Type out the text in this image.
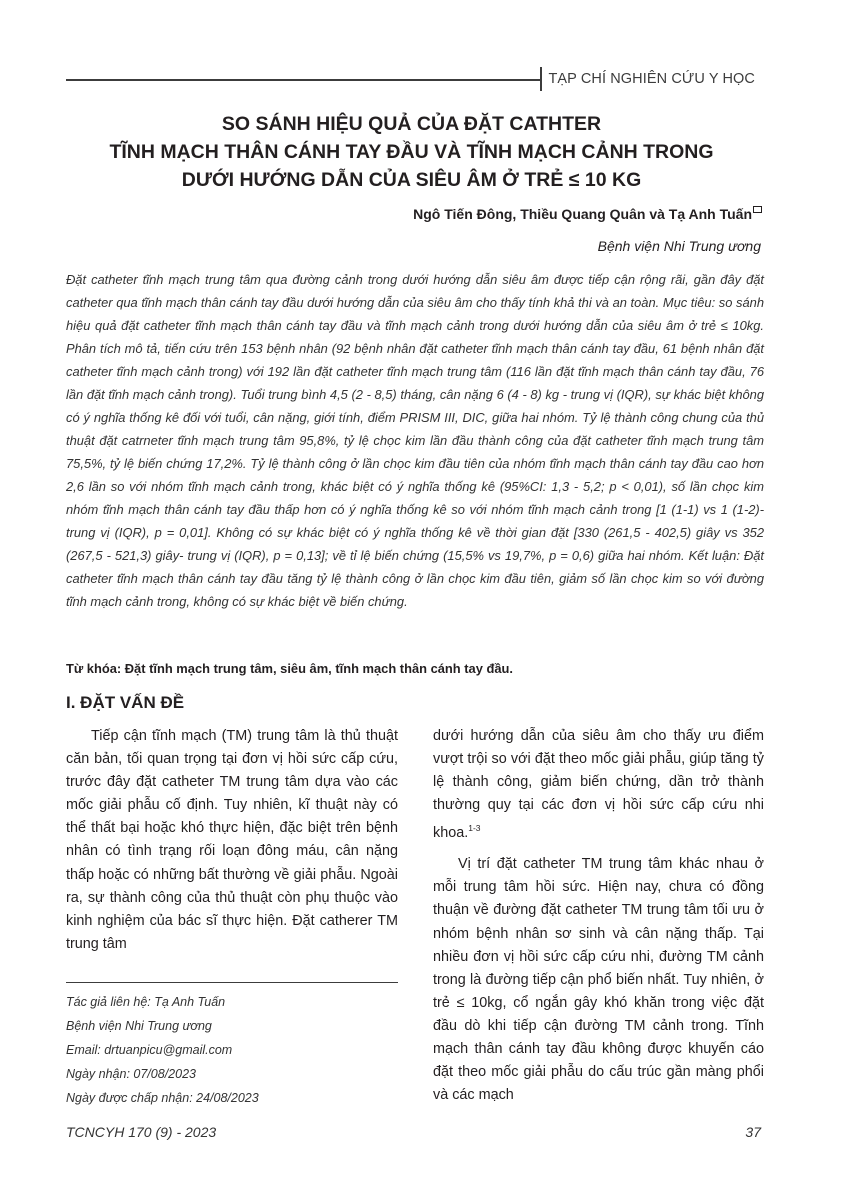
TẠP CHÍ NGHIÊN CỨU Y HỌC
SO SÁNH HIỆU QUẢ CỦA ĐẶT CATHTER
TĨNH MẠCH THÂN CÁNH TAY ĐẦU VÀ TĨNH MẠCH CẢNH TRONG
DƯỚI HƯỚNG DẪN CỦA SIÊU ÂM Ở TRẺ ≤ 10 KG
Ngô Tiến Đông, Thiều Quang Quân và Tạ Anh Tuấn
Bệnh viện Nhi Trung ương
Đặt catheter tĩnh mạch trung tâm qua đường cảnh trong dưới hướng dẫn siêu âm được tiếp cận rộng rãi, gần đây đặt catheter qua tĩnh mạch thân cánh tay đầu dưới hướng dẫn của siêu âm cho thấy tính khả thi và an toàn. Mục tiêu: so sánh hiệu quả đặt catheter tĩnh mạch thân cánh tay đầu và tĩnh mạch cảnh trong dưới hướng dẫn của siêu âm ở trẻ ≤ 10kg. Phân tích mô tả, tiến cứu trên 153 bệnh nhân (92 bệnh nhân đặt catheter tĩnh mạch thân cánh tay đầu, 61 bệnh nhân đặt catheter tĩnh mạch cảnh trong) với 192 lần đặt catheter tĩnh mạch trung tâm (116 lần đặt tĩnh mạch thân cánh tay đầu, 76 lần đặt tĩnh mạch cảnh trong). Tuổi trung bình 4,5 (2 - 8,5) tháng, cân nặng 6 (4 - 8) kg - trung vị (IQR), sự khác biệt không có ý nghĩa thống kê đối với tuổi, cân nặng, giới tính, điểm PRISM III, DIC, giữa hai nhóm. Tỷ lệ thành công chung của thủ thuật đặt catrneter tĩnh mạch trung tâm 95,8%, tỷ lệ chọc kim lần đầu thành công của đặt catheter tĩnh mạch trung tâm 75,5%, tỷ lệ biến chứng 17,2%. Tỷ lệ thành công ở lần chọc kim đầu tiên của nhóm tĩnh mạch thân cánh tay đầu cao hơn 2,6 lần so với nhóm tĩnh mạch cảnh trong, khác biệt có ý nghĩa thống kê (95%CI: 1,3 - 5,2; p < 0,01), số lần chọc kim nhóm tĩnh mạch thân cánh tay đầu thấp hơn có ý nghĩa thống kê so với nhóm tĩnh mạch cảnh trong [1 (1-1) vs 1 (1-2)- trung vị (IQR), p = 0,01]. Không có sự khác biệt có ý nghĩa thống kê về thời gian đặt [330 (261,5 - 402,5) giây vs 352 (267,5 - 521,3) giây- trung vị (IQR), p = 0,13]; về tỉ lệ biến chứng (15,5% vs 19,7%, p = 0,6) giữa hai nhóm. Kết luận: Đặt catheter tĩnh mạch thân cánh tay đầu tăng tỷ lệ thành công ở lần chọc kim đầu tiên, giảm số lần chọc kim so với đường tĩnh mạch cảnh trong, không có sự khác biệt về biến chứng.
Từ khóa: Đặt tĩnh mạch trung tâm, siêu âm, tĩnh mạch thân cánh tay đầu.
I. ĐẶT VẤN ĐỀ

Tiếp cận tĩnh mạch (TM) trung tâm là thủ thuật căn bản, tối quan trọng tại đơn vị hồi sức cấp cứu, trước đây đặt catheter TM trung tâm dựa vào các mốc giải phẫu cố định. Tuy nhiên, kĩ thuật này có thể thất bại hoặc khó thực hiện, đặc biệt trên bệnh nhân có tình trạng rối loạn đông máu, cân nặng thấp hoặc có những bất thường về giải phẫu. Ngoài ra, sự thành công của thủ thuật còn phụ thuộc vào kinh nghiệm của bác sĩ thực hiện. Đặt catherer TM trung tâm

dưới hướng dẫn của siêu âm cho thấy ưu điểm vượt trội so với đặt theo mốc giải phẫu, giúp tăng tỷ lệ thành công, giảm biến chứng, dần trở thành thường quy tại các đơn vị hồi sức cấp cứu nhi khoa.$^{1-3}$

Vị trí đặt catheter TM trung tâm khác nhau ở mỗi trung tâm hồi sức. Hiện nay, chưa có đồng thuận về đường đặt catheter TM trung tâm tối ưu ở nhóm bệnh nhân sơ sinh và cân nặng thấp. Tại nhiều đơn vị hồi sức cấp cứu nhi, đường TM cảnh trong là đường tiếp cận phổ biến nhất. Tuy nhiên, ở trẻ ≤ 10kg, cổ ngắn gây khó khăn trong việc đặt đầu dò khi tiếp cận đường TM cảnh trong. Tĩnh mạch thân cánh tay đầu không được khuyến cáo đặt theo mốc giải phẫu do cấu trúc gần màng phổi và các mạch

Tác giả liên hệ: Tạ Anh Tuấn
Bệnh viện Nhi Trung ương
Email: drtuanpicu@gmail.com
Ngày nhận: 07/08/2023
Ngày được chấp nhận: 24/08/2023
TCNCYH 170 (9) - 2023	37
